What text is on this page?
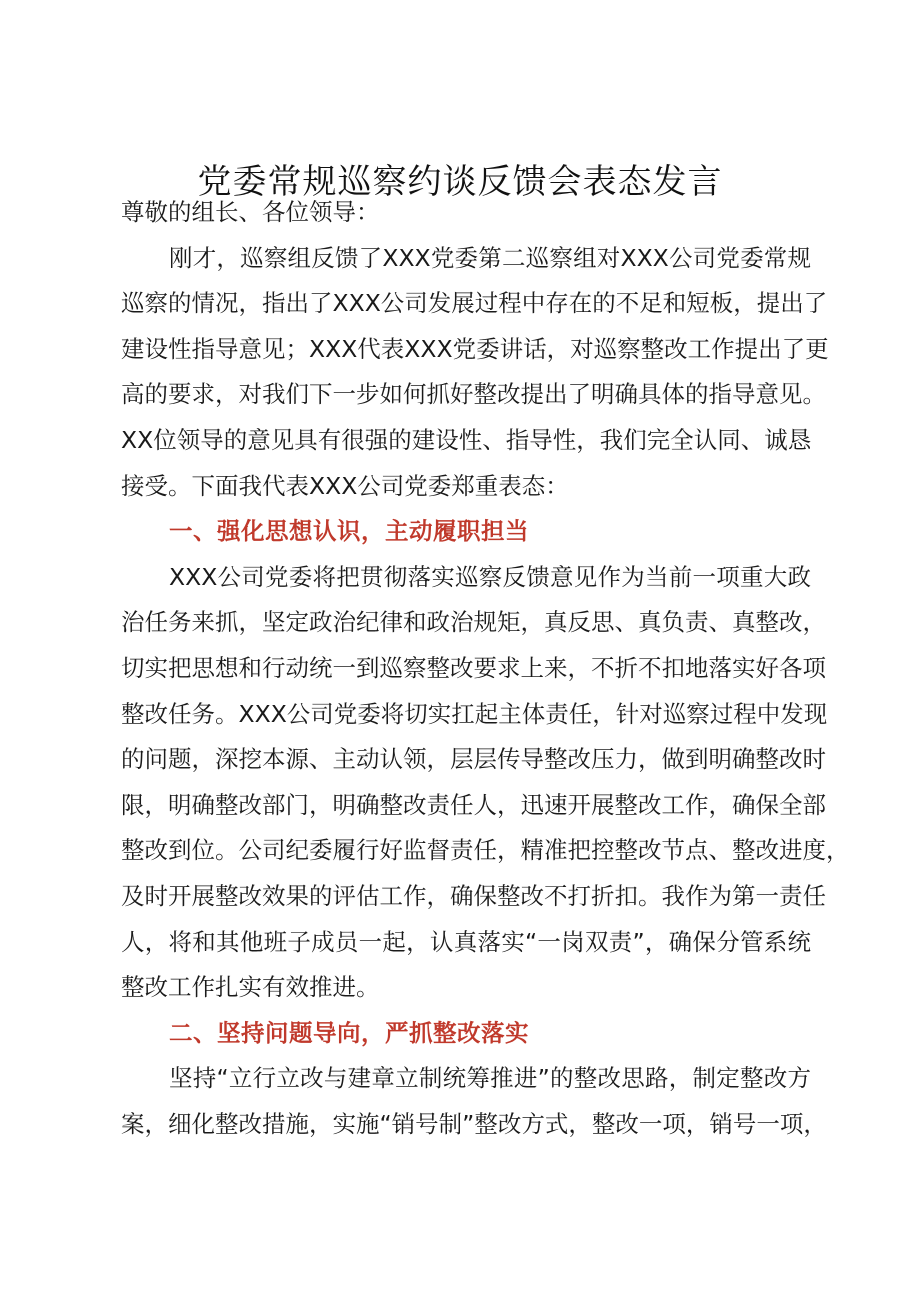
党委常规巡察约谈反馈会表态发言
尊敬的组长、各位领导：
刚才，巡察组反馈了XXX党委第二巡察组对XXX公司党委常规
巡察的情况，指出了XXX公司发展过程中存在的不足和短板，提出了
建设性指导意见；XXX代表XXX党委讲话，对巡察整改工作提出了更
高的要求，对我们下一步如何抓好整改提出了明确具体的指导意见。
XX位领导的意见具有很强的建设性、指导性，我们完全认同、诚恳
接受。下面我代表XXX公司党委郑重表态：
一、强化思想认识，主动履职担当
XXX公司党委将把贯彻落实巡察反馈意见作为当前一项重大政
治任务来抓，坚定政治纪律和政治规矩，真反思、真负责、真整改，
切实把思想和行动统一到巡察整改要求上来，不折不扣地落实好各项
整改任务。XXX公司党委将切实扛起主体责任，针对巡察过程中发现
的问题，深挖本源、主动认领，层层传导整改压力，做到明确整改时
限，明确整改部门，明确整改责任人，迅速开展整改工作，确保全部
整改到位。公司纪委履行好监督责任，精准把控整改节点、整改进度，
及时开展整改效果的评估工作，确保整改不打折扣。我作为第一责任
人，将和其他班子成员一起，认真落实“一岗双责”，确保分管系统
整改工作扎实有效推进。
二、坚持问题导向，严抓整改落实
坚持“立行立改与建章立制统筹推进”的整改思路，制定整改方
案，细化整改措施，实施“销号制”整改方式，整改一项，销号一项，
